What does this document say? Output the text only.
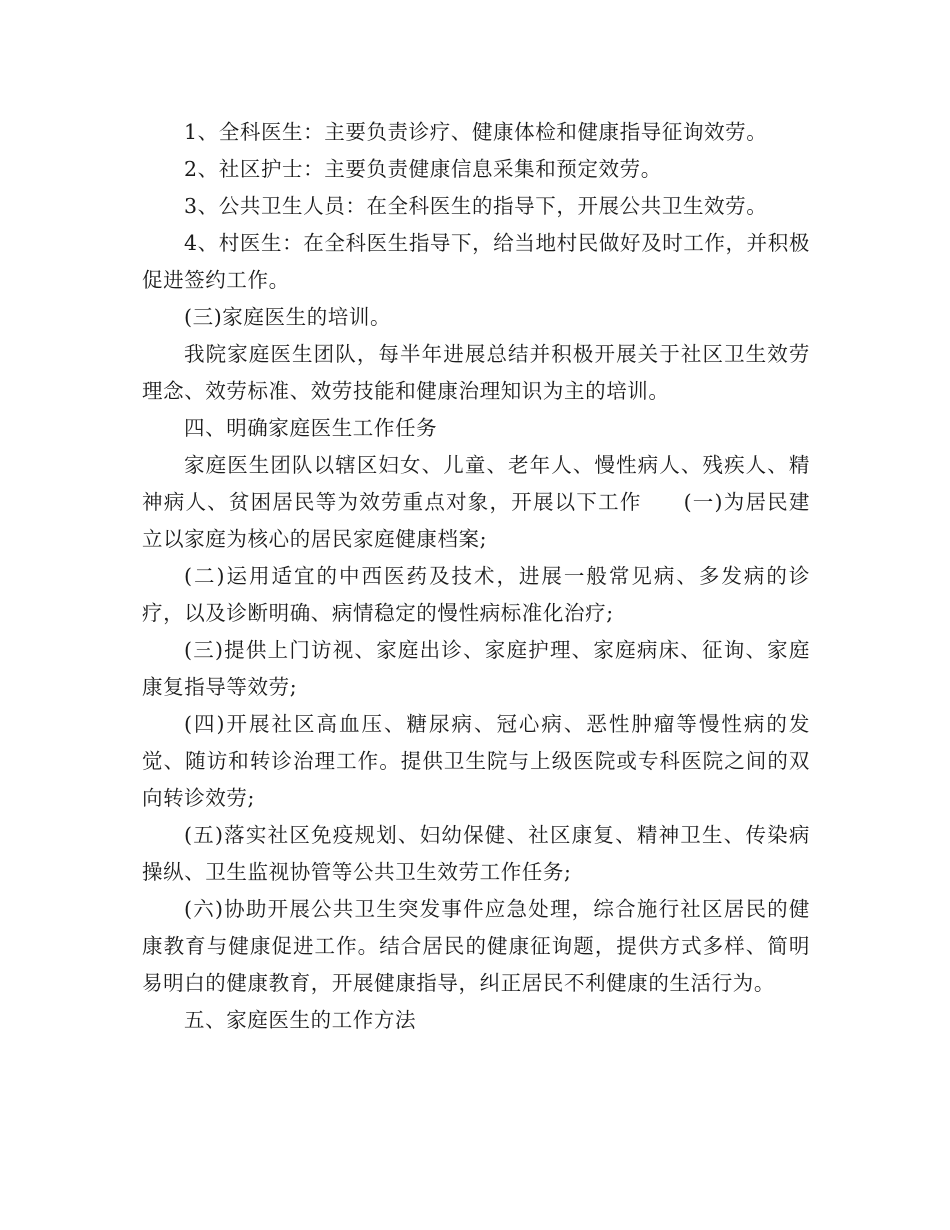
1、全科医生：主要负责诊疗、健康体检和健康指导征询效劳。

2、社区护士：主要负责健康信息采集和预定效劳。

3、公共卫生人员：在全科医生的指导下，开展公共卫生效劳。

4、村医生：在全科医生指导下，给当地村民做好及时工作，并积极促进签约工作。

(三)家庭医生的培训。

我院家庭医生团队，每半年进展总结并积极开展关于社区卫生效劳理念、效劳标准、效劳技能和健康治理知识为主的培训。

四、明确家庭医生工作任务

家庭医生团队以辖区妇女、儿童、老年人、慢性病人、残疾人、精神病人、贫困居民等为效劳重点对象，开展以下工作 (一)为居民建立以家庭为核心的居民家庭健康档案;

(二)运用适宜的中西医药及技术，进展一般常见病、多发病的诊疗，以及诊断明确、病情稳定的慢性病标准化治疗;

(三)提供上门访视、家庭出诊、家庭护理、家庭病床、征询、家庭康复指导等效劳;

(四)开展社区高血压、糖尿病、冠心病、恶性肿瘤等慢性病的发觉、随访和转诊治理工作。提供卫生院与上级医院或专科医院之间的双向转诊效劳;

(五)落实社区免疫规划、妇幼保健、社区康复、精神卫生、传染病操纵、卫生监视协管等公共卫生效劳工作任务;

(六)协助开展公共卫生突发事件应急处理，综合施行社区居民的健康教育与健康促进工作。结合居民的健康征询题，提供方式多样、简明易明白的健康教育，开展健康指导，纠正居民不利健康的生活行为。

五、家庭医生的工作方法
